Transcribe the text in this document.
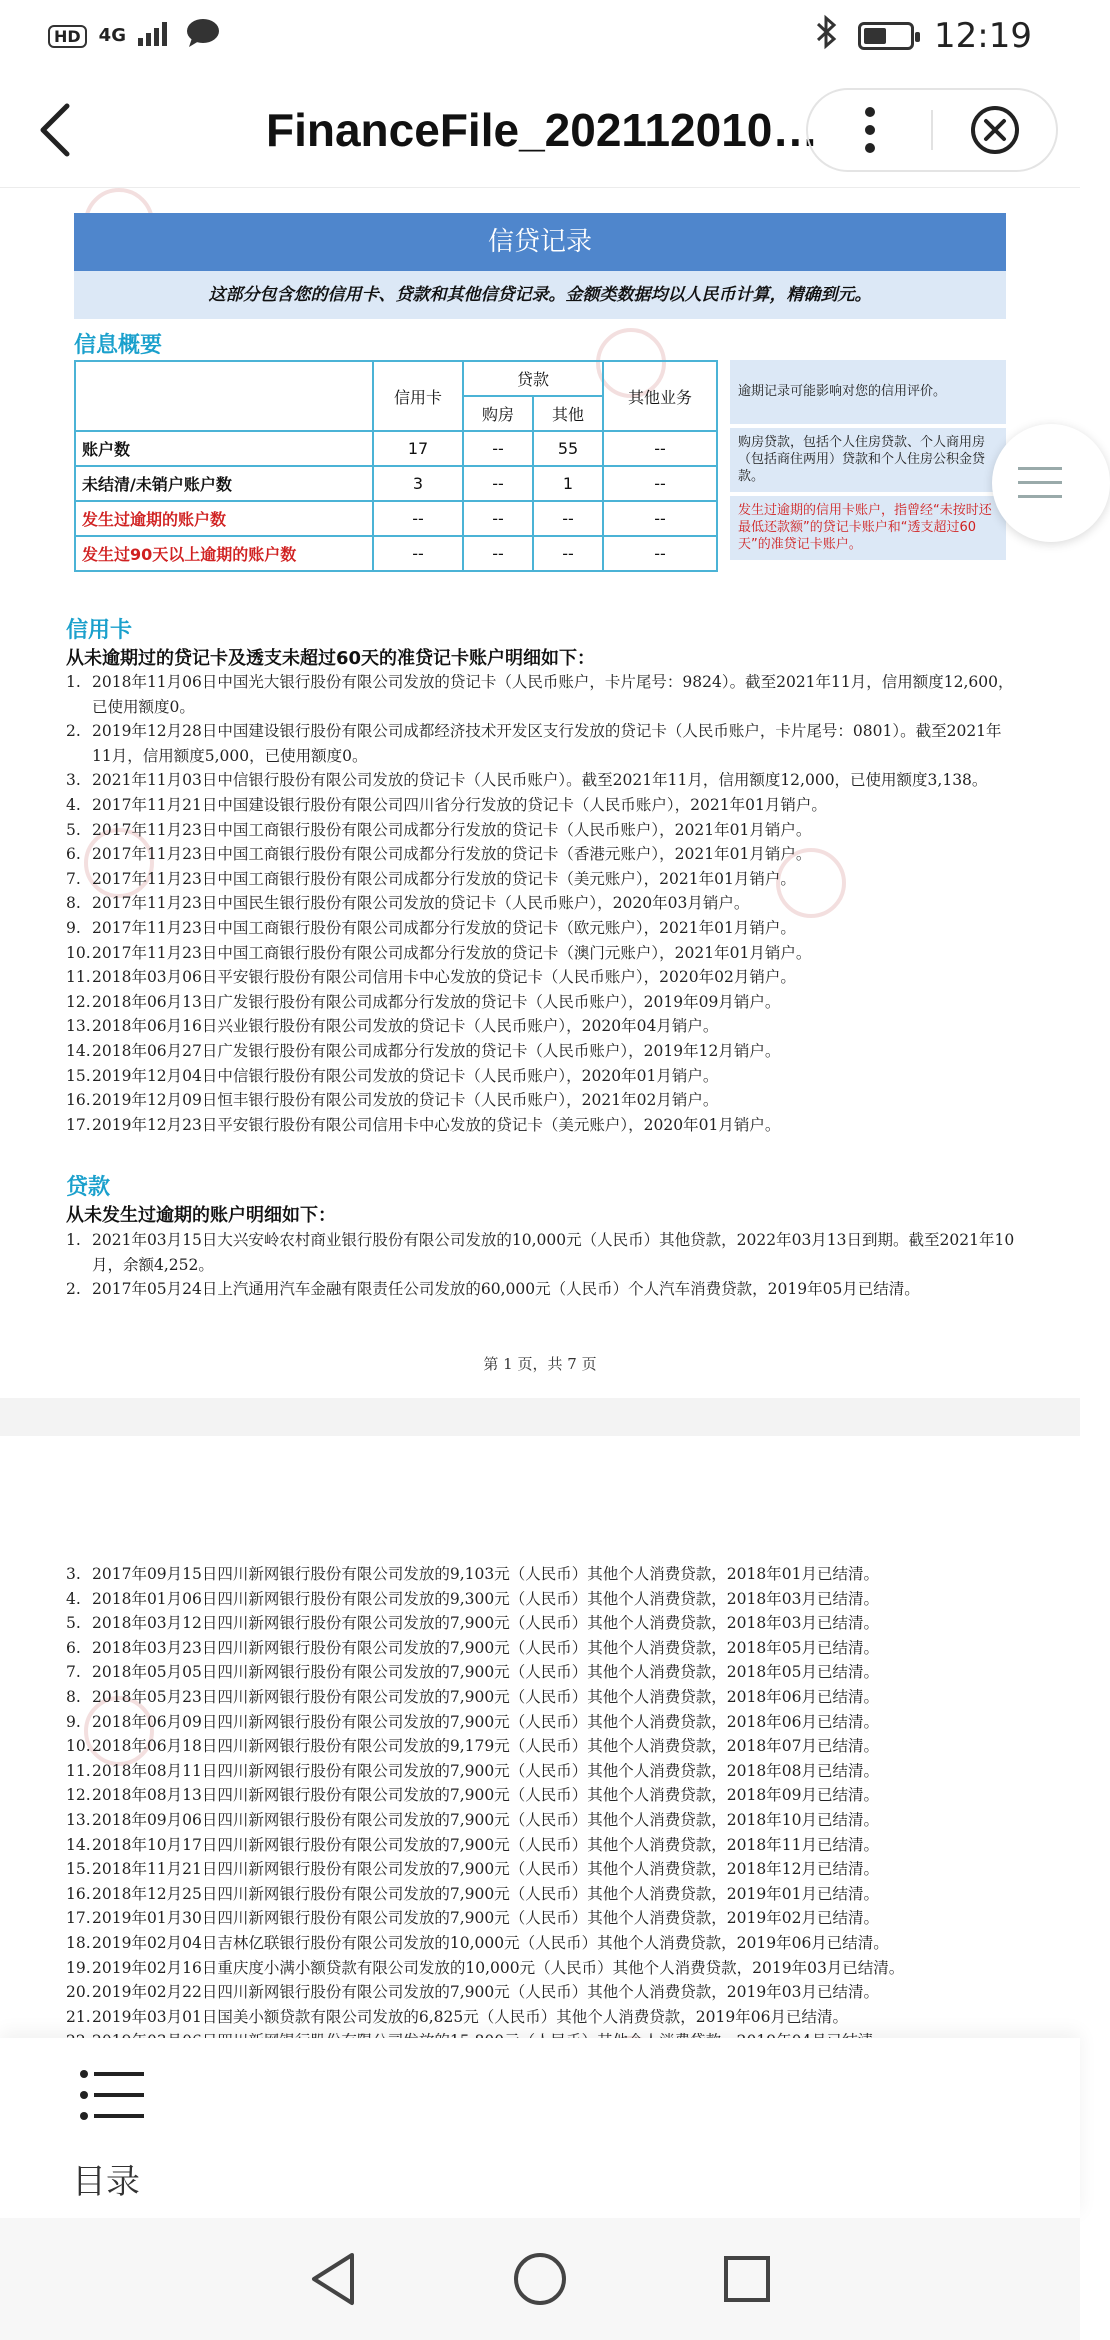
HD	4G	12:19
FinanceFile_202112010…
信贷记录
这部分包含您的信用卡、贷款和其他信贷记录。金额类数据均以人民币计算，精确到元。
信息概要
	信用卡	贷款		其他业务
		购房	其他	
账户数	17	--	55	--
未结清/未销户账户数	3	--	1	--
发生过逾期的账户数	--	--	--	--
发生过90天以上逾期的账户数	--	--	--	--
逾期记录可能影响对您的信用评价。
购房贷款，包括个人住房贷款、个人商用房（包括商住两用）贷款和个人住房公积金贷款。
发生过逾期的信用卡账户，指曾经“未按时还最低还款额”的贷记卡账户和“透支超过60天”的准贷记卡账户。
信用卡
从未逾期过的贷记卡及透支未超过60天的准贷记卡账户明细如下：
1. 2018年11月06日中国光大银行股份有限公司发放的贷记卡（人民币账户，卡片尾号：9824）。截至2021年11月，信用额度12,600，已使用额度0。
2. 2019年12月28日中国建设银行股份有限公司成都经济技术开发区支行发放的贷记卡（人民币账户，卡片尾号：0801）。截至2021年11月，信用额度5,000，已使用额度0。
3. 2021年11月03日中信银行股份有限公司发放的贷记卡（人民币账户）。截至2021年11月，信用额度12,000，已使用额度3,138。
4. 2017年11月21日中国建设银行股份有限公司四川省分行发放的贷记卡（人民币账户），2021年01月销户。
5. 2017年11月23日中国工商银行股份有限公司成都分行发放的贷记卡（人民币账户），2021年01月销户。
6. 2017年11月23日中国工商银行股份有限公司成都分行发放的贷记卡（香港元账户），2021年01月销户。
7. 2017年11月23日中国工商银行股份有限公司成都分行发放的贷记卡（美元账户），2021年01月销户。
8. 2017年11月23日中国民生银行股份有限公司发放的贷记卡（人民币账户），2020年03月销户。
9. 2017年11月23日中国工商银行股份有限公司成都分行发放的贷记卡（欧元账户），2021年01月销户。
10. 2017年11月23日中国工商银行股份有限公司成都分行发放的贷记卡（澳门元账户），2021年01月销户。
11. 2018年03月06日平安银行股份有限公司信用卡中心发放的贷记卡（人民币账户），2020年02月销户。
12. 2018年06月13日广发银行股份有限公司成都分行发放的贷记卡（人民币账户），2019年09月销户。
13. 2018年06月16日兴业银行股份有限公司发放的贷记卡（人民币账户），2020年04月销户。
14. 2018年06月27日广发银行股份有限公司成都分行发放的贷记卡（人民币账户），2019年12月销户。
15. 2019年12月04日中信银行股份有限公司发放的贷记卡（人民币账户），2020年01月销户。
16. 2019年12月09日恒丰银行股份有限公司发放的贷记卡（人民币账户），2021年02月销户。
17. 2019年12月23日平安银行股份有限公司信用卡中心发放的贷记卡（美元账户），2020年01月销户。
贷款
从未发生过逾期的账户明细如下：
1. 2021年03月15日大兴安岭农村商业银行股份有限公司发放的10,000元（人民币）其他贷款，2022年03月13日到期。截至2021年10月，余额4,252。
2. 2017年05月24日上汽通用汽车金融有限责任公司发放的60,000元（人民币）个人汽车消费贷款，2019年05月已结清。
第 1 页，共 7 页
3. 2017年09月15日四川新网银行股份有限公司发放的9,103元（人民币）其他个人消费贷款，2018年01月已结清。
4. 2018年01月06日四川新网银行股份有限公司发放的9,300元（人民币）其他个人消费贷款，2018年03月已结清。
5. 2018年03月12日四川新网银行股份有限公司发放的7,900元（人民币）其他个人消费贷款，2018年03月已结清。
6. 2018年03月23日四川新网银行股份有限公司发放的7,900元（人民币）其他个人消费贷款，2018年05月已结清。
7. 2018年05月05日四川新网银行股份有限公司发放的7,900元（人民币）其他个人消费贷款，2018年05月已结清。
8. 2018年05月23日四川新网银行股份有限公司发放的7,900元（人民币）其他个人消费贷款，2018年06月已结清。
9. 2018年06月09日四川新网银行股份有限公司发放的7,900元（人民币）其他个人消费贷款，2018年06月已结清。
10. 2018年06月18日四川新网银行股份有限公司发放的9,179元（人民币）其他个人消费贷款，2018年07月已结清。
11. 2018年08月11日四川新网银行股份有限公司发放的7,900元（人民币）其他个人消费贷款，2018年08月已结清。
12. 2018年08月13日四川新网银行股份有限公司发放的7,900元（人民币）其他个人消费贷款，2018年09月已结清。
13. 2018年09月06日四川新网银行股份有限公司发放的7,900元（人民币）其他个人消费贷款，2018年10月已结清。
14. 2018年10月17日四川新网银行股份有限公司发放的7,900元（人民币）其他个人消费贷款，2018年11月已结清。
15. 2018年11月21日四川新网银行股份有限公司发放的7,900元（人民币）其他个人消费贷款，2018年12月已结清。
16. 2018年12月25日四川新网银行股份有限公司发放的7,900元（人民币）其他个人消费贷款，2019年01月已结清。
17. 2019年01月30日四川新网银行股份有限公司发放的7,900元（人民币）其他个人消费贷款，2019年02月已结清。
18. 2019年02月04日吉林亿联银行股份有限公司发放的10,000元（人民币）其他个人消费贷款，2019年06月已结清。
19. 2019年02月16日重庆度小满小额贷款有限公司发放的10,000元（人民币）其他个人消费贷款，2019年03月已结清。
20. 2019年02月22日四川新网银行股份有限公司发放的7,900元（人民币）其他个人消费贷款，2019年03月已结清。
21. 2019年03月01日国美小额贷款有限公司发放的6,825元（人民币）其他个人消费贷款，2019年06月已结清。
目录
